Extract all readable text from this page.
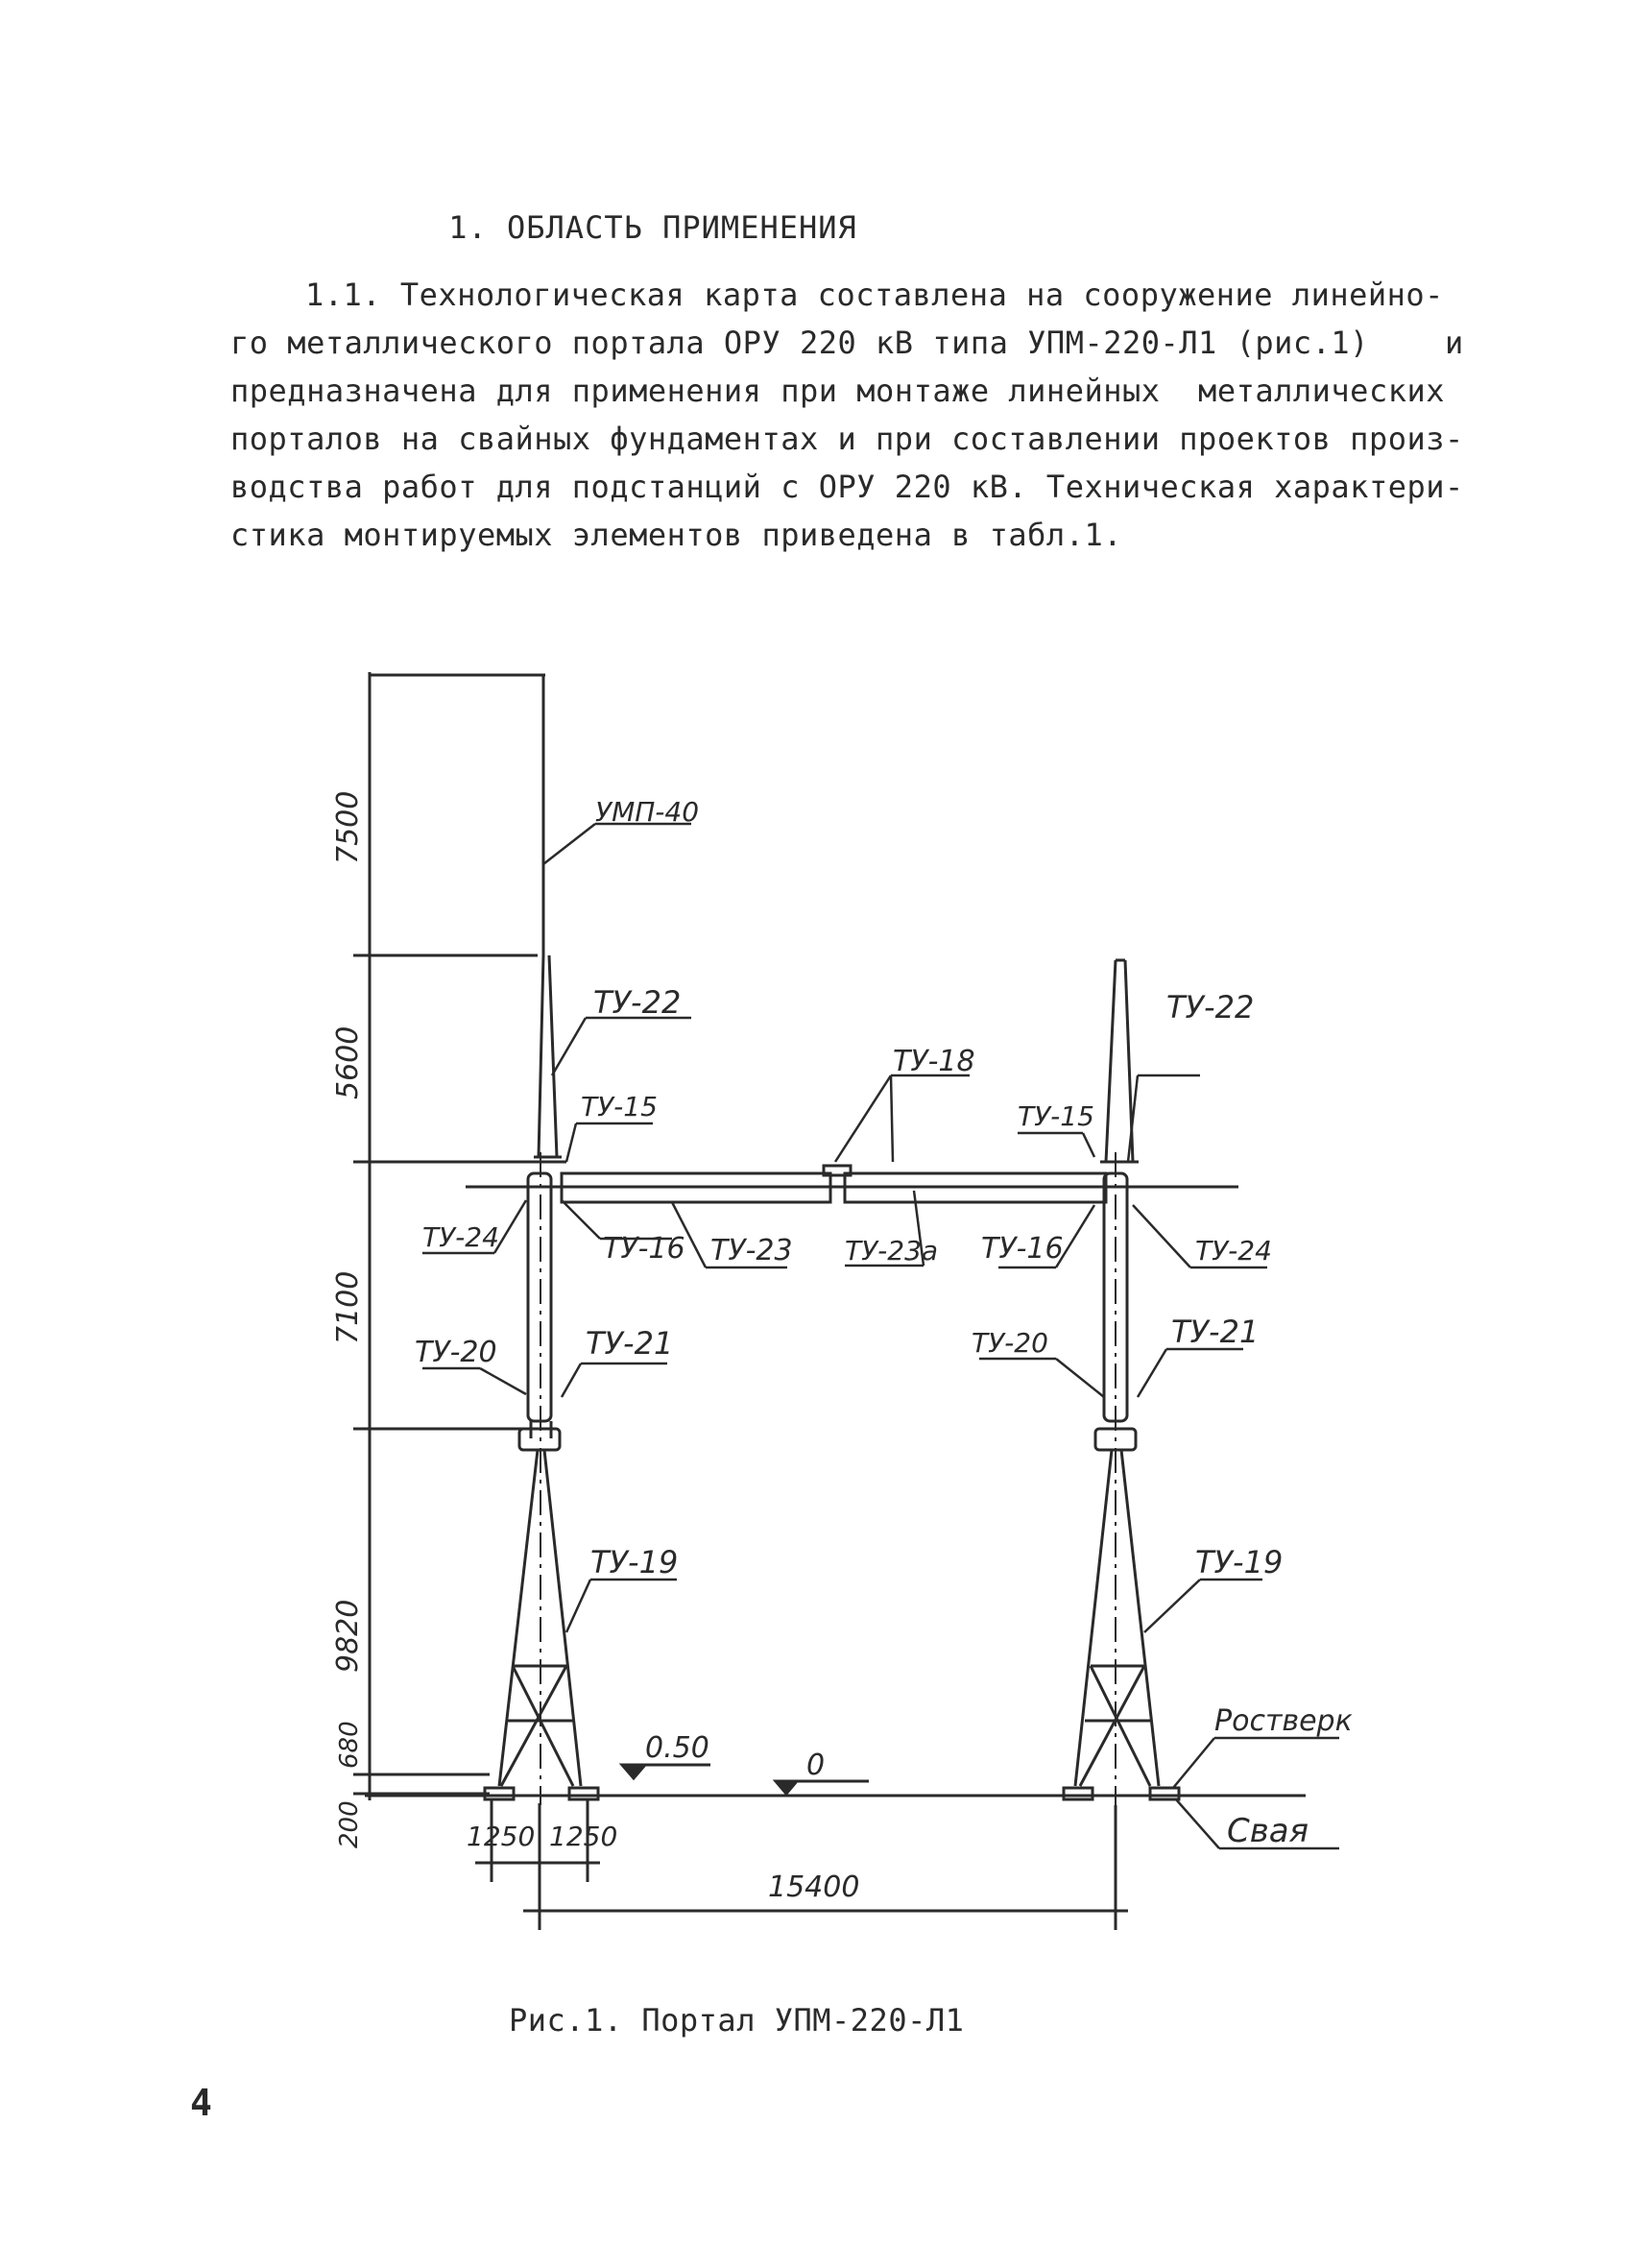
1. ОБЛАСТЬ ПРИМЕНЕНИЯ
1.1. Технологическая карта составлена на сооружение линейно-
го металлического портала ОРУ 220 кВ типа УПМ-220-Л1 (рис.1)    и
предназначена для применения при монтаже линейных  металлических
порталов на свайных фундаментах и при составлении проектов произ-
водства работ для подстанций с ОРУ 220 кВ. Техническая характери-
стика монтируемых элементов приведена в табл.1.
УМП-40
ТУ-22	ТУ-22
ТУ-15	ТУ-15
ТУ-18
ТУ-24	ТУ-16 ТУ-23 ТУ-23а ТУ-16	ТУ-24
ТУ-20	ТУ-21	ТУ-20	ТУ-21
ТУ-19	ТУ-19
Ростверк
Свая
0.50
0
7500
5600
7100
9820
680
200	1250 1250
15400
Рис.1. Портал УПМ-220-Л1
4
